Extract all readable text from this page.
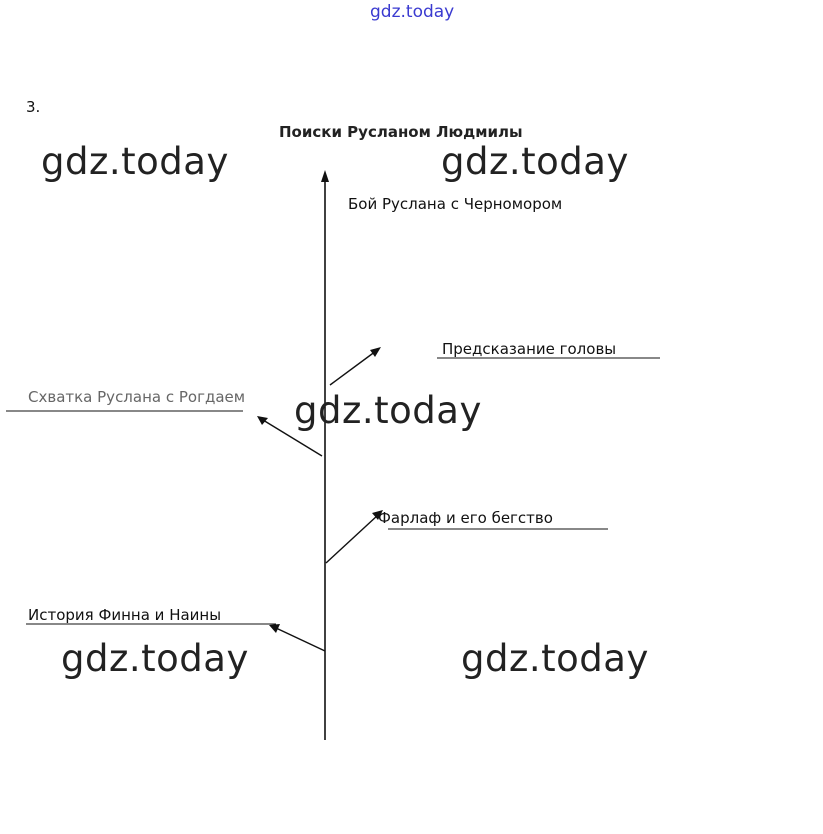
gdz.today
3.
Поиски Русланом Людмилы
Бой Руслана с Черномором
Предсказание головы
Схватка Руслана с Рогдаем
Фарлаф и его бегство
История Финна и Наины
gdz.today	gdz.today
gdz.today
gdz.today	gdz.today
